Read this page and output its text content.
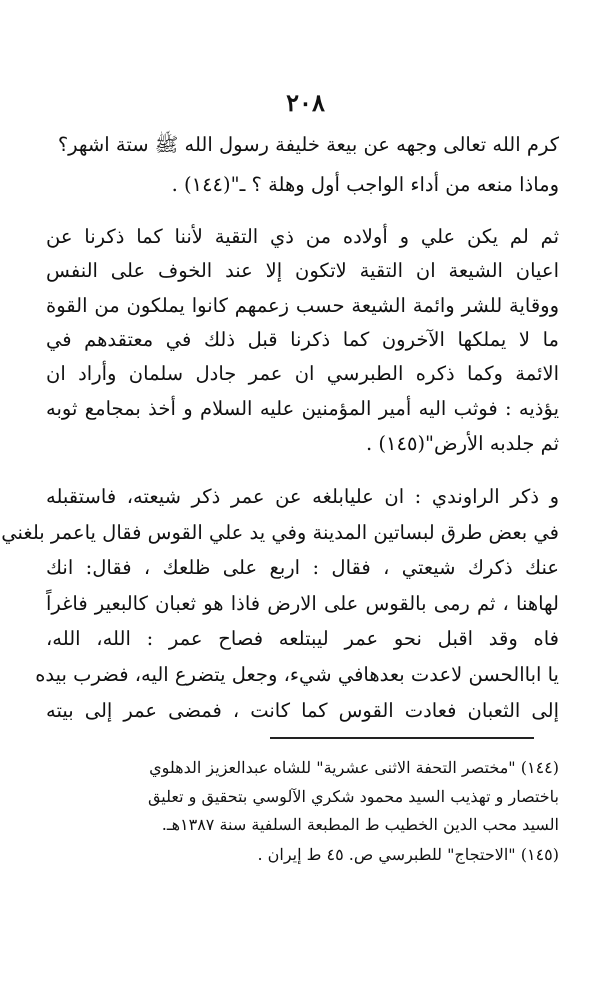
٢٠٨
كرم الله تعالى وجهه عن بيعة خليفة رسول الله ﷺ ستة اشهر؟
وماذا منعه من أداء الواجب أول وهلة ؟ ـ"(١٤٤) .
ثم لم يكن علي و أولاده من ذي التقية لأننا كما ذكرنا عن
اعيان الشيعة ان التقية لاتكون إلا عند الخوف على النفس
ووقاية للشر وائمة الشيعة حسب زعمهم كانوا يملكون من القوة
ما لا يملكها الآخرون كما ذكرنا قبل ذلك في معتقدهم في
الائمة وكما ذكره الطبرسي ان عمر جادل سلمان وأراد ان
يؤذيه : فوثب اليه أمير المؤمنين عليه السلام و أخذ بمجامع ثوبه
ثم جلدبه الأرض"(١٤٥) .
و ذكر الراوندي : ان عليابلغه عن عمر ذكر شيعته، فاستقبله
في بعض طرق لبساتين المدينة وفي يد علي القوس فقال ياعمر بلغني
عنك ذكرك شيعتي ، فقال : اربع على ظلعك ، فقال: انك
لهاهنا ، ثم رمى بالقوس على الارض فاذا هو ثعبان كالبعير فاغراً
فاه وقد اقبل نحو عمر ليبتلعه فصاح عمر : الله، الله،
يا اباالحسن لاعدت بعدهافي شيء، وجعل يتضرع اليه، فضرب بيده
إلى الثعبان فعادت القوس كما كانت ، فمضى عمر إلى بيته
(١٤٤) "مختصر التحفة الاثنى عشرية" للشاه عبدالعزيز الدهلوي
باختصار و تهذيب السيد محمود شكري الآلوسي بتحقيق و تعليق
السيد محب الدين الخطيب ط المطبعة السلفية سنة ١٣٨٧هـ.
(١٤٥) "الاحتجاج" للطبرسي ص. ٤٥ ط إيران .
